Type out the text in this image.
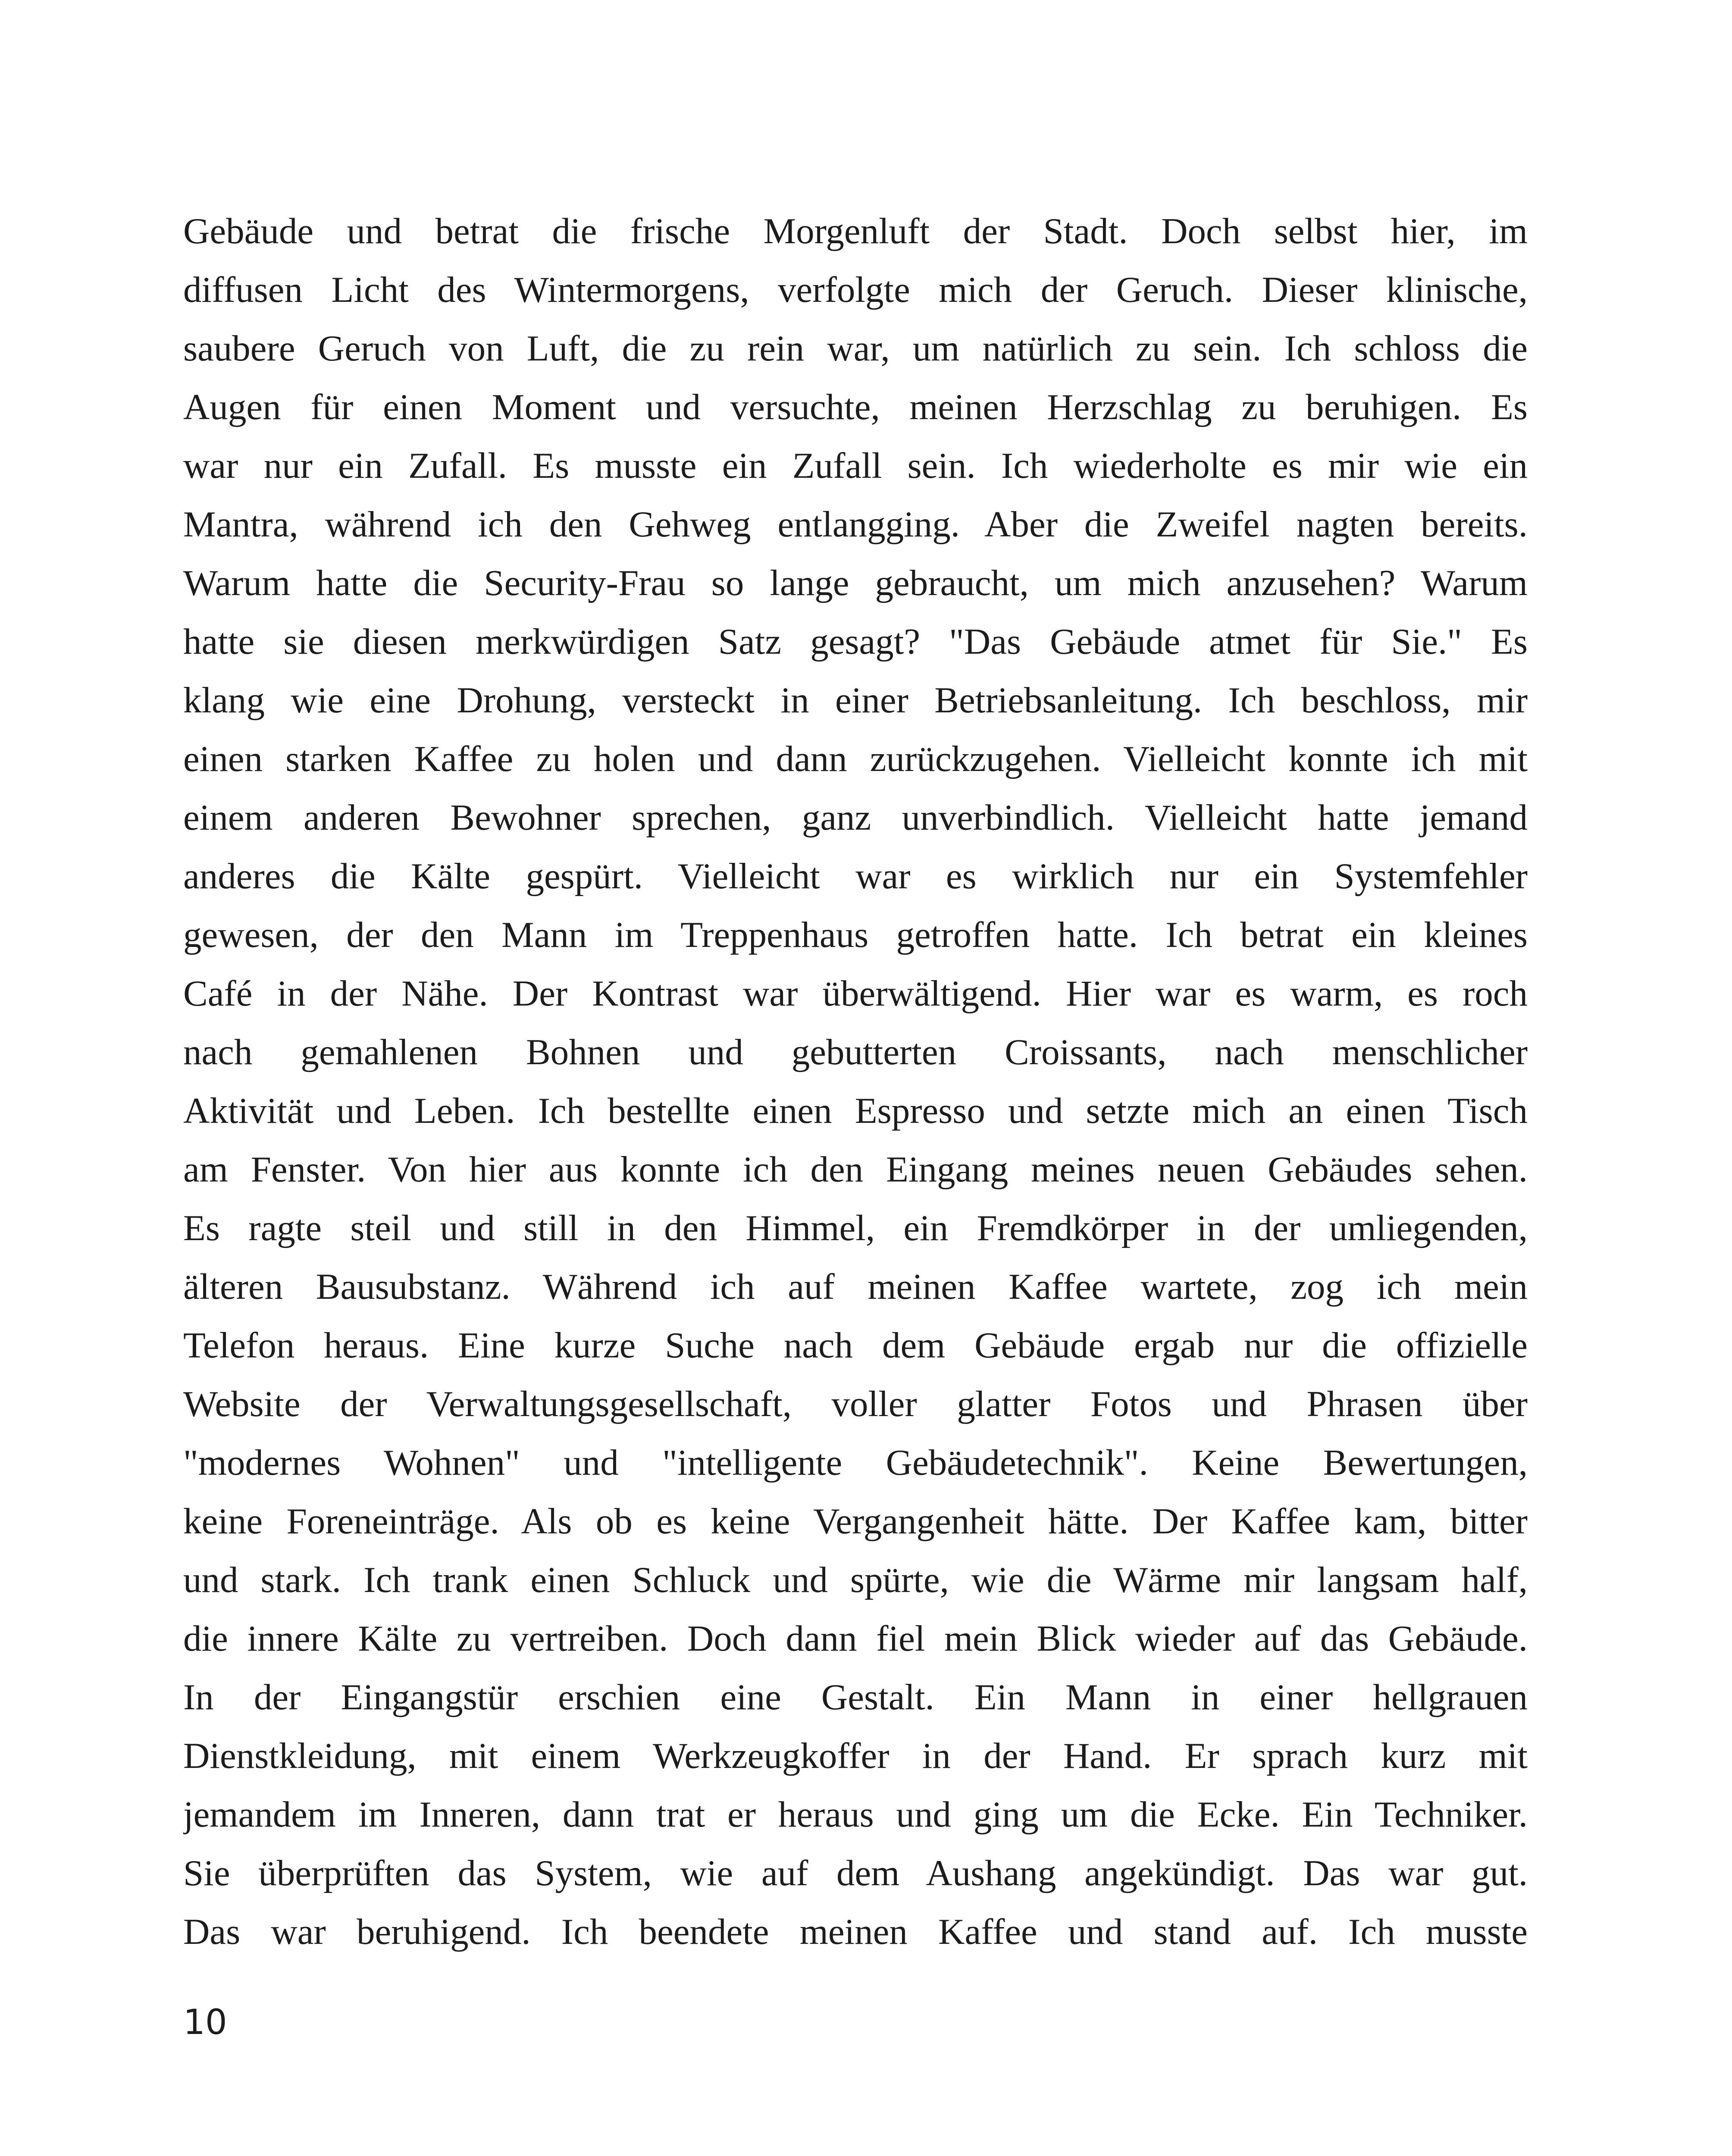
Gebäude und betrat die frische Morgenluft der Stadt. Doch selbst hier, im
diffusen Licht des Wintermorgens, verfolgte mich der Geruch. Dieser klinische,
saubere Geruch von Luft, die zu rein war, um natürlich zu sein. Ich schloss die
Augen für einen Moment und versuchte, meinen Herzschlag zu beruhigen. Es
war nur ein Zufall. Es musste ein Zufall sein. Ich wiederholte es mir wie ein
Mantra, während ich den Gehweg entlangging. Aber die Zweifel nagten bereits.
Warum hatte die Security-Frau so lange gebraucht, um mich anzusehen? Warum
hatte sie diesen merkwürdigen Satz gesagt? "Das Gebäude atmet für Sie." Es
klang wie eine Drohung, versteckt in einer Betriebsanleitung. Ich beschloss, mir
einen starken Kaffee zu holen und dann zurückzugehen. Vielleicht konnte ich mit
einem anderen Bewohner sprechen, ganz unverbindlich. Vielleicht hatte jemand
anderes die Kälte gespürt. Vielleicht war es wirklich nur ein Systemfehler
gewesen, der den Mann im Treppenhaus getroffen hatte. Ich betrat ein kleines
Café in der Nähe. Der Kontrast war überwältigend. Hier war es warm, es roch
nach gemahlenen Bohnen und gebutterten Croissants, nach menschlicher
Aktivität und Leben. Ich bestellte einen Espresso und setzte mich an einen Tisch
am Fenster. Von hier aus konnte ich den Eingang meines neuen Gebäudes sehen.
Es ragte steil und still in den Himmel, ein Fremdkörper in der umliegenden,
älteren Bausubstanz. Während ich auf meinen Kaffee wartete, zog ich mein
Telefon heraus. Eine kurze Suche nach dem Gebäude ergab nur die offizielle
Website der Verwaltungsgesellschaft, voller glatter Fotos und Phrasen über
"modernes Wohnen" und "intelligente Gebäudetechnik". Keine Bewertungen,
keine Foreneinträge. Als ob es keine Vergangenheit hätte. Der Kaffee kam, bitter
und stark. Ich trank einen Schluck und spürte, wie die Wärme mir langsam half,
die innere Kälte zu vertreiben. Doch dann fiel mein Blick wieder auf das Gebäude.
In der Eingangstür erschien eine Gestalt. Ein Mann in einer hellgrauen
Dienstkleidung, mit einem Werkzeugkoffer in der Hand. Er sprach kurz mit
jemandem im Inneren, dann trat er heraus und ging um die Ecke. Ein Techniker.
Sie überprüften das System, wie auf dem Aushang angekündigt. Das war gut.
Das war beruhigend. Ich beendete meinen Kaffee und stand auf. Ich musste
10
